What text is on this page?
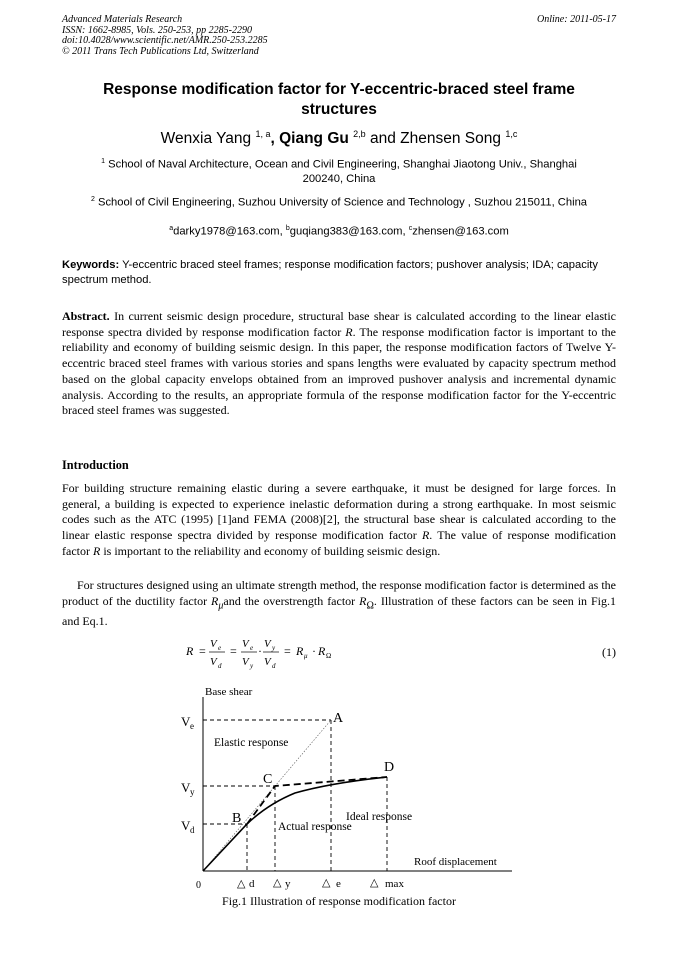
Advanced Materials Research
ISSN: 1662-8985, Vols. 250-253, pp 2285-2290
doi:10.4028/www.scientific.net/AMR.250-253.2285
© 2011 Trans Tech Publications Ltd, Switzerland
Online: 2011-05-17
Response modification factor for Y-eccentric-braced steel frame
structures
Wenxia Yang $^{1, a}$, Qiang Gu $^{2,b}$ and Zhensen Song $^{1,c}$
$^1$ School of Naval Architecture, Ocean and Civil Engineering, Shanghai Jiaotong Univ., Shanghai
200240, China
$^2$ School of Civil Engineering, Suzhou University of Science and Technology , Suzhou 215011, China
$^a$darky1978@163.com, $^b$guqiang383@163.com, $^c$zhensen@163.com
Keywords: Y-eccentric braced steel frames; response modification factors; pushover analysis; IDA; capacity spectrum method.
Abstract. In current seismic design procedure, structural base shear is calculated according to the linear elastic response spectra divided by response modification factor R. The response modification factor is important to the reliability and economy of building seismic design. In this paper, the response modification factors of Twelve Y-eccentric braced steel frames with various stories and spans lengths were evaluated by capacity spectrum method based on the global capacity envelops obtained from an improved pushover analysis and incremental dynamic analysis. According to the results, an appropriate formula of the response modification factor for the Y-eccentric braced steel frames was suggested.
Introduction
For building structure remaining elastic during a severe earthquake, it must be designed for large forces. In general, a building is expected to experience inelastic deformation during a strong earthquake. In most seismic codes such as the ATC (1995) [1]and FEMA (2008)[2], the structural base shear is calculated according to the linear elastic response spectra divided by response modification factor R. The value of response modification factor R is important to the reliability and economy of building seismic design.
For structures designed using an ultimate strength method, the response modification factor is determined as the product of the ductility factor $R_\mu and$ the overstrength factor $R_\Omega$. Illustration of these factors can be seen in Fig.1 and Eq.1.
R = V e
V d
= V e
V y
· V y
V d
= R μ · R Ω	(1)
Base shear
Roof displacement
0
V e
V y
V d
A
B
C
D
Elastic response
Actual response
Ideal response
△ d △ y	△ e	△ max
Fig.1 Illustration of response modification factor
